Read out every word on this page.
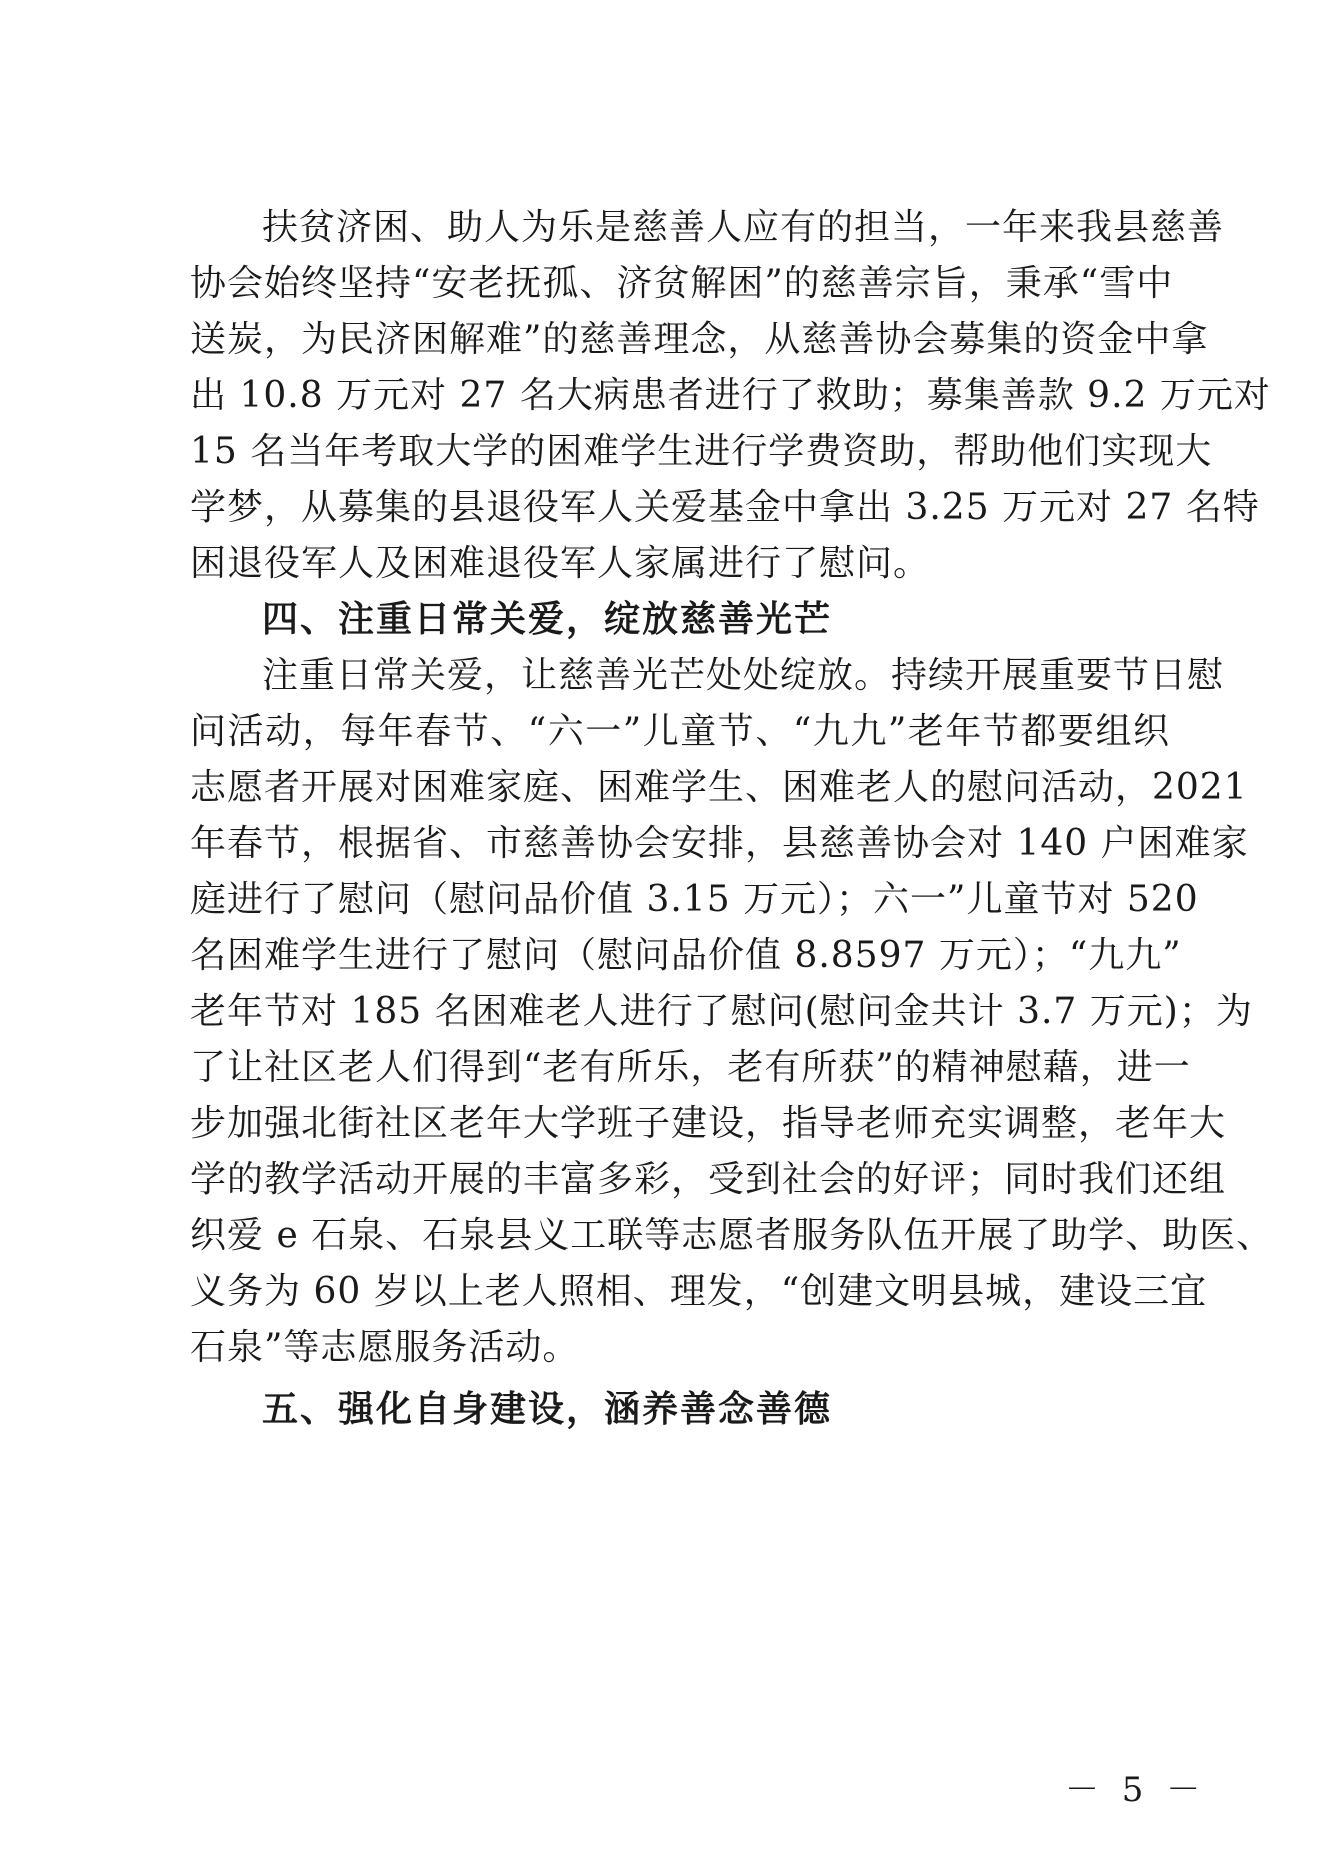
扶贫济困、助人为乐是慈善人应有的担当，一年来我县慈善
协会始终坚持“安老抚孤、济贫解困”的慈善宗旨，秉承“雪中
送炭，为民济困解难”的慈善理念，从慈善协会募集的资金中拿
出 10.8 万元对 27 名大病患者进行了救助；募集善款 9.2 万元对
15 名当年考取大学的困难学生进行学费资助，帮助他们实现大
学梦，从募集的县退役军人关爱基金中拿出 3.25 万元对 27 名特
困退役军人及困难退役军人家属进行了慰问。
四、注重日常关爱，绽放慈善光芒
注重日常关爱，让慈善光芒处处绽放。持续开展重要节日慰
问活动，每年春节、“六一”儿童节、“九九”老年节都要组织
志愿者开展对困难家庭、困难学生、困难老人的慰问活动，2021
年春节，根据省、市慈善协会安排，县慈善协会对 140 户困难家
庭进行了慰问（慰问品价值 3.15 万元）；六一”儿童节对 520
名困难学生进行了慰问（慰问品价值 8.8597 万元）；“九九”
老年节对 185 名困难老人进行了慰问(慰问金共计 3.7 万元)；为
了让社区老人们得到“老有所乐，老有所获”的精神慰藉，进一
步加强北街社区老年大学班子建设，指导老师充实调整，老年大
学的教学活动开展的丰富多彩，受到社会的好评；同时我们还组
织爱 e 石泉、石泉县义工联等志愿者服务队伍开展了助学、助医、
义务为 60 岁以上老人照相、理发，“创建文明县城，建设三宜
石泉”等志愿服务活动。
五、强化自身建设，涵养善念善德
－ 5 －
